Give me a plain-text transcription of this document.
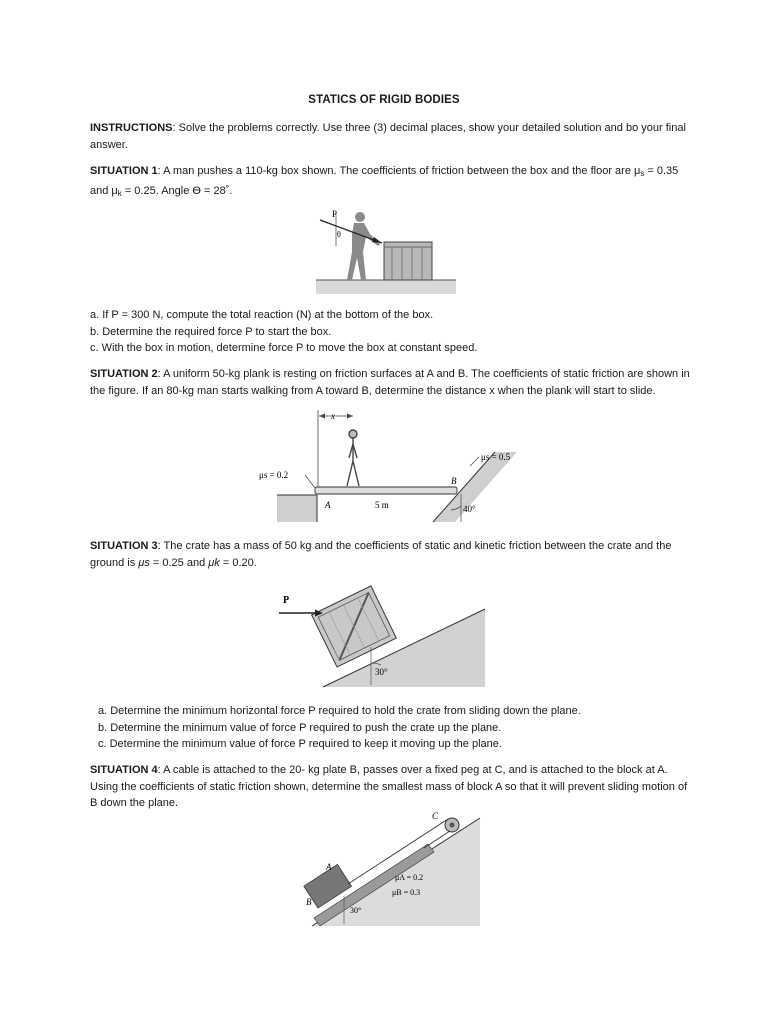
STATICS OF RIGID BODIES
INSTRUCTIONS: Solve the problems correctly. Use three (3) decimal places, show your detailed solution and bo your final answer.
SITUATION 1: A man pushes a 110-kg box shown. The coefficients of friction between the box and the floor are $\mu_s = 0.35$ and $\mu_k = 0.25$. Angle ϴ = 28˚.
P
θ
a. If P = 300 N, compute the total reaction (N) at the bottom of the box.
b. Determine the required force P to start the box.
c. With the box in motion, determine force P to move the box at constant speed.
SITUATION 2: A uniform 50-kg plank is resting on friction surfaces at A and B. The coefficients of static friction are shown in the figure. If an 80-kg man starts walking from A toward B, determine the distance x when the plank will start to slide.
x
μs = 0.2
μs = 0.5
A
B
5 m	40°
SITUATION 3: The crate has a mass of 50 kg and the coefficients of static and kinetic friction between the crate and the ground is μs = 0.25 and μk = 0.20.
P
30°
a. Determine the minimum horizontal force P required to hold the crate from sliding down the plane.
b. Determine the minimum value of force P required to push the crate up the plane.
c. Determine the minimum value of force P required to keep it moving up the plane.
SITUATION 4: A cable is attached to the 20- kg plate B, passes over a fixed peg at C, and is attached to the block at A. Using the coefficients of static friction shown, determine the smallest mass of block A so that it will prevent sliding motion of B down the plane.
C
A
B
μA = 0.2
μB = 0.3
30°
